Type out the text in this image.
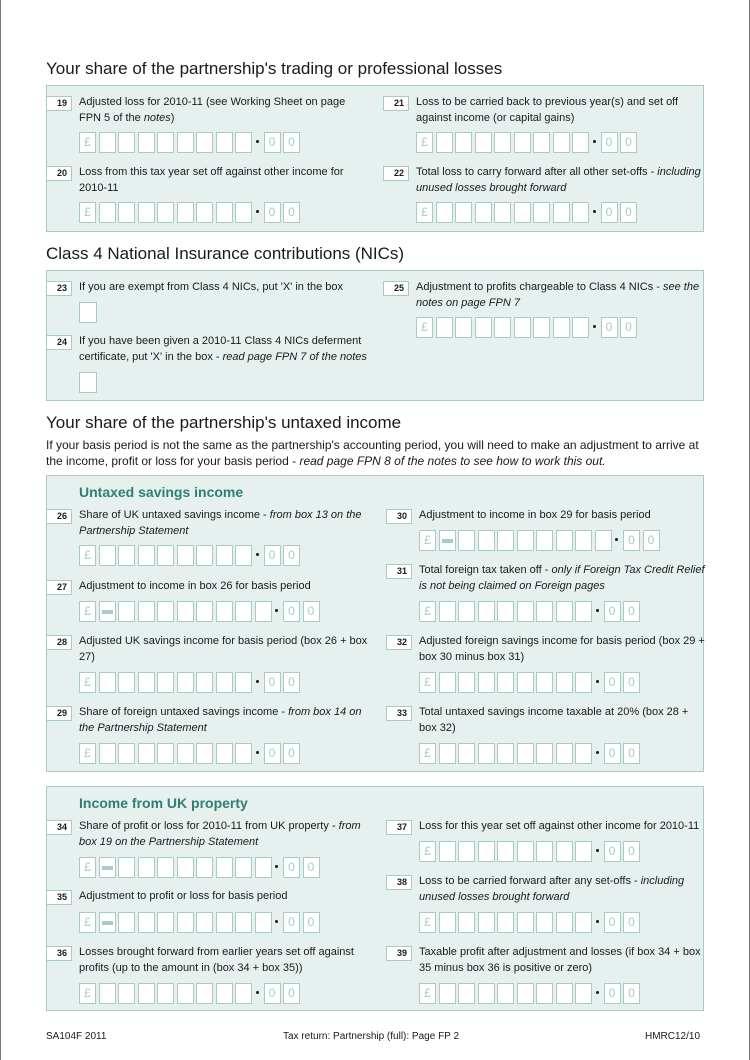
Your share of the partnership's trading or professional losses
Class 4 National Insurance contributions (NICs)
Your share of the partnership's untaxed income
If your basis period is not the same as the partnership's accounting period, you will need to make an adjustment to arrive at the income, profit or loss for your basis period - read page FPN 8 of the notes to see how to work this out.
Untaxed savings income
Income from UK property
19	Adjusted loss for 2010-11 (see Working Sheet on page FPN 5 of the notes)
£	0	0
20	Loss from this tax year set off against other income for 2010-11
£	0	0
21	Loss to be carried back to previous year(s) and set off against income (or capital gains)
£	0	0
22	Total loss to carry forward after all other set-offs - including unused losses brought forward
£	0	0
23	If you are exempt from Class 4 NICs, put 'X' in the box
24	If you have been given a 2010-11 Class 4 NICs deferment certificate, put 'X' in the box - read page FPN 7 of the notes
25	Adjustment to profits chargeable to Class 4 NICs - see the notes on page FPN 7
£	0	0
26	Share of UK untaxed savings income - from box 13 on the Partnership Statement
£	0	0
27	Adjustment to income in box 26 for basis period
£	0	0
28	Adjusted UK savings income for basis period (box 26 + box 27)
£	0	0
29	Share of foreign untaxed savings income - from box 14 on the Partnership Statement
£	0	0
30	Adjustment to income in box 29 for basis period
£	0	0
31	Total foreign tax taken off - only if Foreign Tax Credit Relief is not being claimed on Foreign pages
£	0	0
32	Adjusted foreign savings income for basis period (box 29 + box 30 minus box 31)
£	0	0
33	Total untaxed savings income taxable at 20% (box 28 + box 32)
£	0	0
34	Share of profit or loss for 2010-11 from UK property - from box 19 on the Partnership Statement
£	0	0
35	Adjustment to profit or loss for basis period
£	0	0
36	Losses brought forward from earlier years set off against profits (up to the amount in (box 34 + box 35))
£	0	0
37	Loss for this year set off against other income for 2010-11
£	0	0
38	Loss to be carried forward after any set-offs - including unused losses brought forward
£	0	0
39	Taxable profit after adjustment and losses (if box 34 + box 35 minus box 36 is positive or zero)
£	0	0
SA104F 2011	Tax return: Partnership (full): Page FP 2	HMRC12/10
